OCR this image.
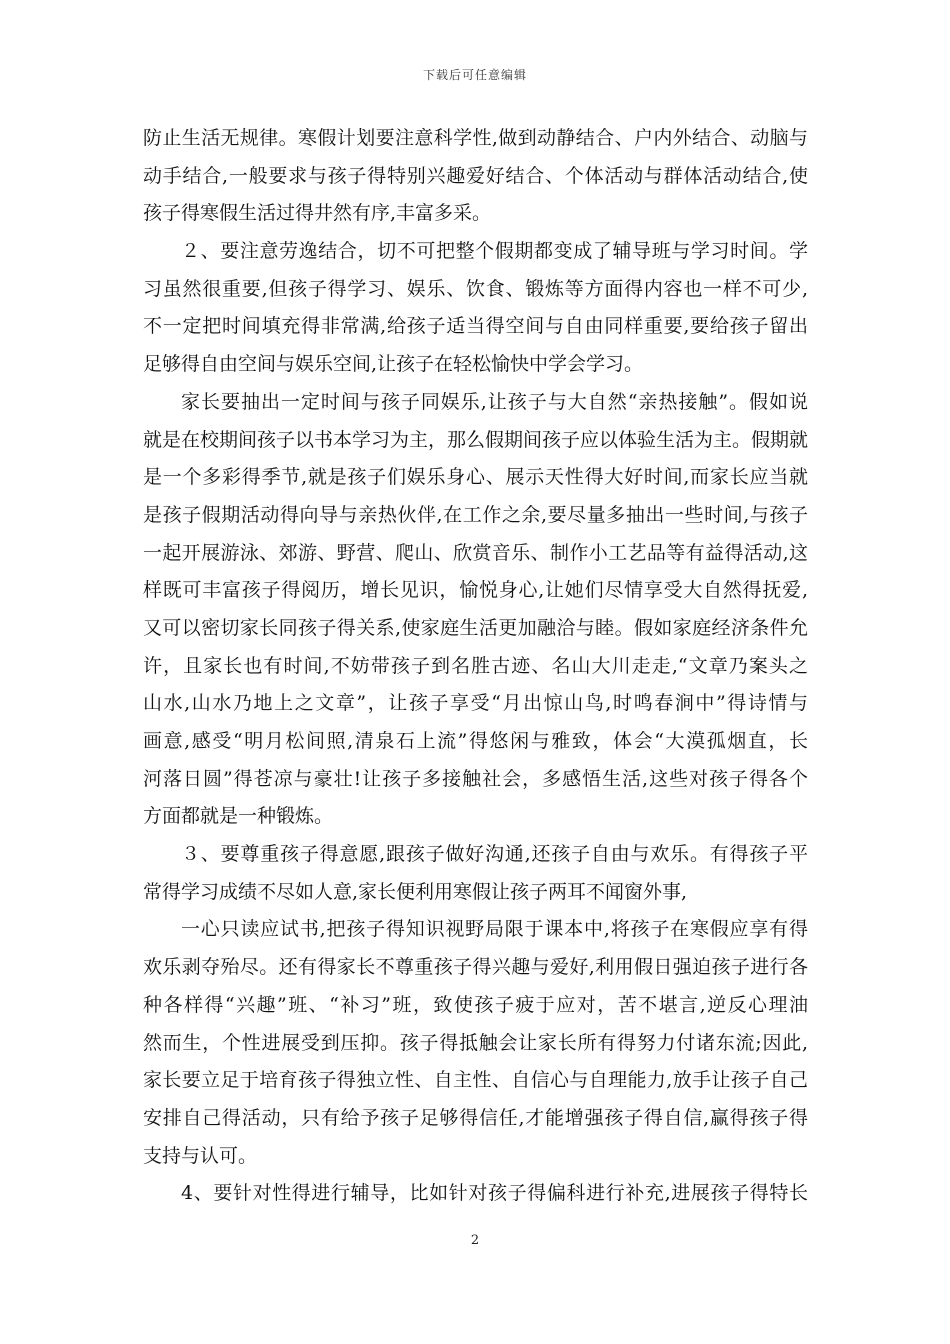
下载后可任意编辑
防止生活无规律。寒假计划要注意科学性,做到动静结合、户内外结合、动脑与
动手结合,一般要求与孩子得特别兴趣爱好结合、个体活动与群体活动结合,使
孩子得寒假生活过得井然有序,丰富多采。
２、要注意劳逸结合，切不可把整个假期都变成了辅导班与学习时间。学
习虽然很重要,但孩子得学习、娱乐、饮食、锻炼等方面得内容也一样不可少,
不一定把时间填充得非常满,给孩子适当得空间与自由同样重要,要给孩子留出
足够得自由空间与娱乐空间,让孩子在轻松愉快中学会学习。
家长要抽出一定时间与孩子同娱乐,让孩子与大自然“亲热接触”。假如说
就是在校期间孩子以书本学习为主，那么假期间孩子应以体验生活为主。假期就
是一个多彩得季节,就是孩子们娱乐身心、展示天性得大好时间,而家长应当就
是孩子假期活动得向导与亲热伙伴,在工作之余,要尽量多抽出一些时间,与孩子
一起开展游泳、郊游、野营、爬山、欣赏音乐、制作小工艺品等有益得活动,这
样既可丰富孩子得阅历，增长见识，愉悦身心,让她们尽情享受大自然得抚爱,
又可以密切家长同孩子得关系,使家庭生活更加融洽与睦。假如家庭经济条件允
许，且家长也有时间,不妨带孩子到名胜古迹、名山大川走走,“文章乃案头之
山水,山水乃地上之文章”，让孩子享受“月出惊山鸟,时鸣春涧中”得诗情与
画意,感受“明月松间照,清泉石上流”得悠闲与雅致，体会“大漠孤烟直，长
河落日圆”得苍凉与豪壮!让孩子多接触社会，多感悟生活,这些对孩子得各个
方面都就是一种锻炼。
３、要尊重孩子得意愿,跟孩子做好沟通,还孩子自由与欢乐。有得孩子平
常得学习成绩不尽如人意,家长便利用寒假让孩子两耳不闻窗外事,
一心只读应试书,把孩子得知识视野局限于课本中,将孩子在寒假应享有得
欢乐剥夺殆尽。还有得家长不尊重孩子得兴趣与爱好,利用假日强迫孩子进行各
种各样得“兴趣”班、“补习”班，致使孩子疲于应对，苦不堪言,逆反心理油
然而生，个性进展受到压抑。孩子得抵触会让家长所有得努力付诸东流;因此,
家长要立足于培育孩子得独立性、自主性、自信心与自理能力,放手让孩子自己
安排自己得活动，只有给予孩子足够得信任,才能增强孩子得自信,赢得孩子得
支持与认可。
4、要针对性得进行辅导，比如针对孩子得偏科进行补充,进展孩子得特长
2
